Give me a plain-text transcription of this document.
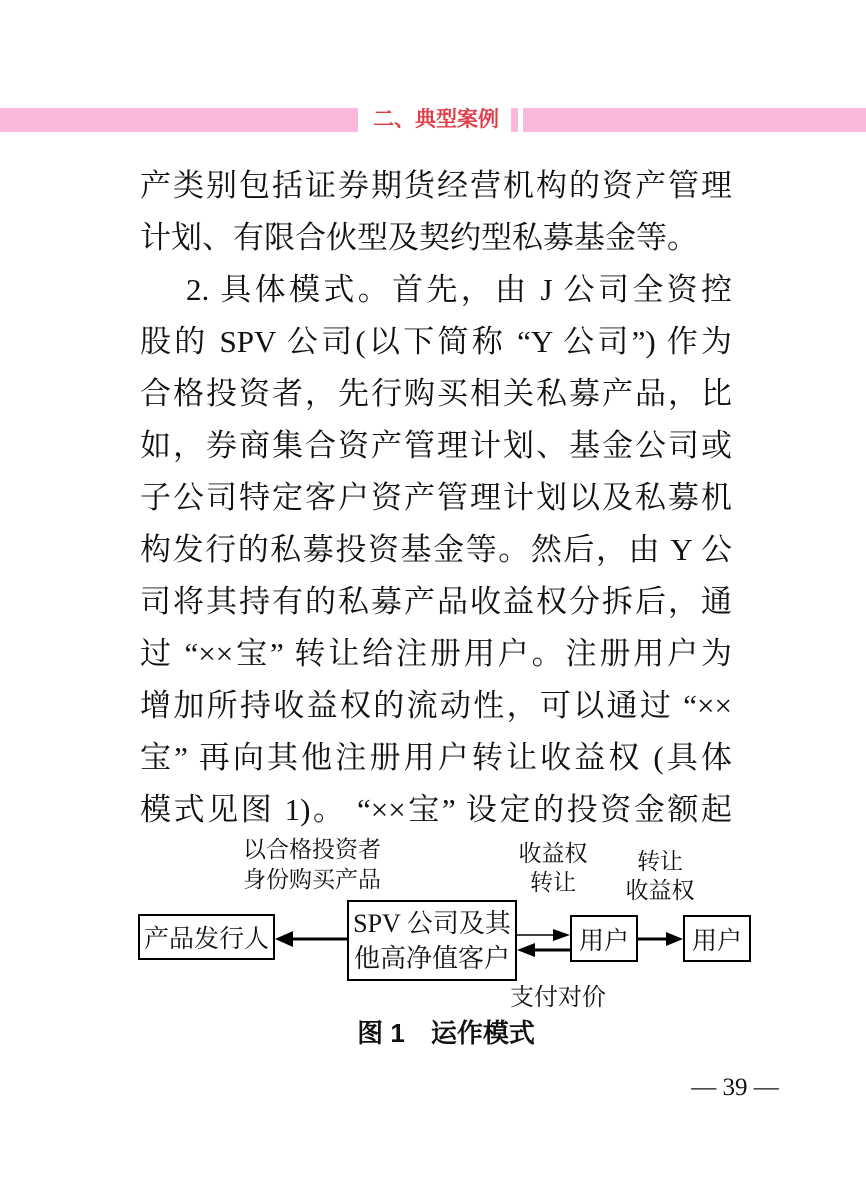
二、典型案例
产类别包括证券期货经营机构的资产管理
计划、有限合伙型及契约型私募基金等。
2. 具体模式。首先，由 J 公司全资控
股的 SPV 公司(以下简称 “Y 公司”) 作为
合格投资者，先行购买相关私募产品，比
如，券商集合资产管理计划、基金公司或
子公司特定客户资产管理计划以及私募机
构发行的私募投资基金等。然后，由 Y 公
司将其持有的私募产品收益权分拆后，通
过 “××宝” 转让给注册用户。注册用户为
增加所持收益权的流动性，可以通过 “××
宝” 再向其他注册用户转让收益权 (具体
模式见图 1)。 “××宝” 设定的投资金额起
以合格投资者
身份购买产品
收益权
转让
转让
收益权
支付对价
产品发行人
SPV 公司及其
他高净值客户
用户	用户
图 1　运作模式
— 39 —
